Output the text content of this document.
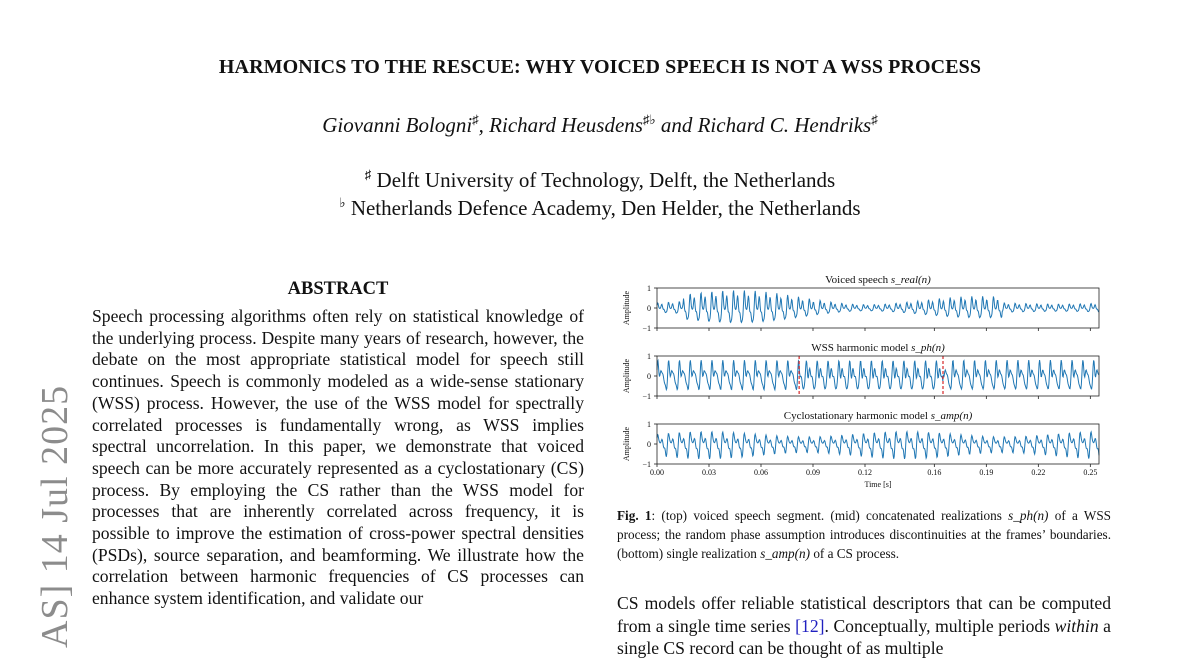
HARMONICS TO THE RESCUE: WHY VOICED SPEECH IS NOT A WSS PROCESS
Giovanni Bologni♯, Richard Heusdens♯♭ and Richard C. Hendriks♯
♯ Delft University of Technology, Delft, the Netherlands
♭ Netherlands Defence Academy, Den Helder, the Netherlands
AS] 14 Jul 2025
ABSTRACT
Speech processing algorithms often rely on statistical knowledge of the underlying process. Despite many years of research, however, the debate on the most appropriate statistical model for speech still continues. Speech is commonly modeled as a wide-sense stationary (WSS) process. However, the use of the WSS model for spectrally correlated processes is fundamentally wrong, as WSS implies spectral uncorrelation. In this paper, we demonstrate that voiced speech can be more accurately represented as a cyclostationary (CS) process. By employing the CS rather than the WSS model for processes that are inherently correlated across frequency, it is possible to improve the estimation of cross-power spectral densities (PSDs), source separation, and beamforming. We illustrate how the correlation between harmonic frequencies of CS processes can enhance system identification, and validate our
Voiced speech s_real(n)
1
0
−1
Amplitude
WSS harmonic model s_ph(n)
1
0
−1
Amplitude
Cyclostationary harmonic model s_amp(n)
1
0
−1
Amplitude
0.00	0.03	0.06	0.09	0.12	0.16	0.19	0.22	0.25
Time [s]
Fig. 1: (top) voiced speech segment. (mid) concatenated realizations s_ph(n) of a WSS process; the random phase assumption introduces discontinuities at the frames’ boundaries. (bottom) single realization s_amp(n) of a CS process.
CS models offer reliable statistical descriptors that can be computed from a single time series [12]. Conceptually, multiple periods within a single CS record can be thought of as multiple
